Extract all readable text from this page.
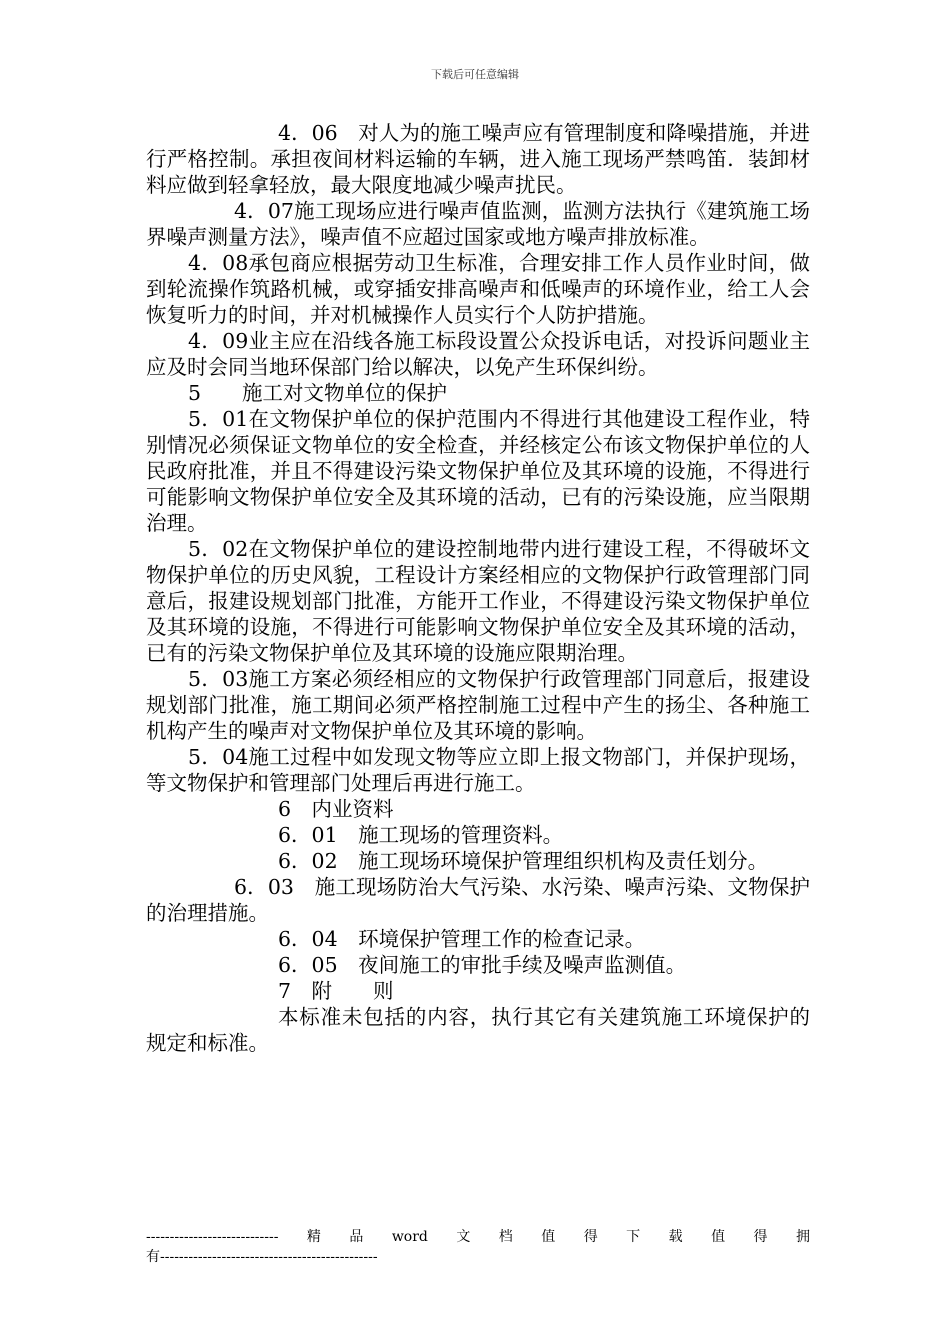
下载后可任意编辑

4．06　对人为的施工噪声应有管理制度和降噪措施，并进行严格控制。承担夜间材料运输的车辆，进入施工现场严禁鸣笛．装卸材料应做到轻拿轻放，最大限度地减少噪声扰民。

4．07施工现场应进行噪声值监测，监测方法执行《建筑施工场界噪声测量方法》，噪声值不应超过国家或地方噪声排放标准。

4．08承包商应根据劳动卫生标准，合理安排工作人员作业时间，做到轮流操作筑路机械，或穿插安排高噪声和低噪声的环境作业，给工人会恢复听力的时间，并对机械操作人员实行个人防护措施。

4．09业主应在沿线各施工标段设置公众投诉电话，对投诉问题业主应及时会同当地环保部门给以解决，以免产生环保纠纷。

5　　施工对文物单位的保护

5．01在文物保护单位的保护范围内不得进行其他建设工程作业，特别情况必须保证文物单位的安全检查，并经核定公布该文物保护单位的人民政府批准，并且不得建设污染文物保护单位及其环境的设施，不得进行可能影响文物保护单位安全及其环境的活动，已有的污染设施，应当限期治理。

5．02在文物保护单位的建设控制地带内进行建设工程，不得破坏文物保护单位的历史风貌，工程设计方案经相应的文物保护行政管理部门同意后，报建设规划部门批准，方能开工作业，不得建设污染文物保护单位及其环境的设施，不得进行可能影响文物保护单位安全及其环境的活动，已有的污染文物保护单位及其环境的设施应限期治理。

5．03施工方案必须经相应的文物保护行政管理部门同意后，报建设规划部门批准，施工期间必须严格控制施工过程中产生的扬尘、各种施工机构产生的噪声对文物保护单位及其环境的影响。

5．04施工过程中如发现文物等应立即上报文物部门，并保护现场，等文物保护和管理部门处理后再进行施工。

6　内业资料

6．01　施工现场的管理资料。

6．02　施工现场环境保护管理组织机构及责任划分。

6．03　施工现场防治大气污染、水污染、噪声污染、文物保护的治理措施。

6．04　环境保护管理工作的检查记录。

6．05　夜间施工的审批手续及噪声监测值。

7　附　　则

本标准未包括的内容，执行其它有关建筑施工环境保护的规定和标准。

---------------------------- 精 品 word 文 档 值 得 下 载 值 得 拥
有----------------------------------------------
